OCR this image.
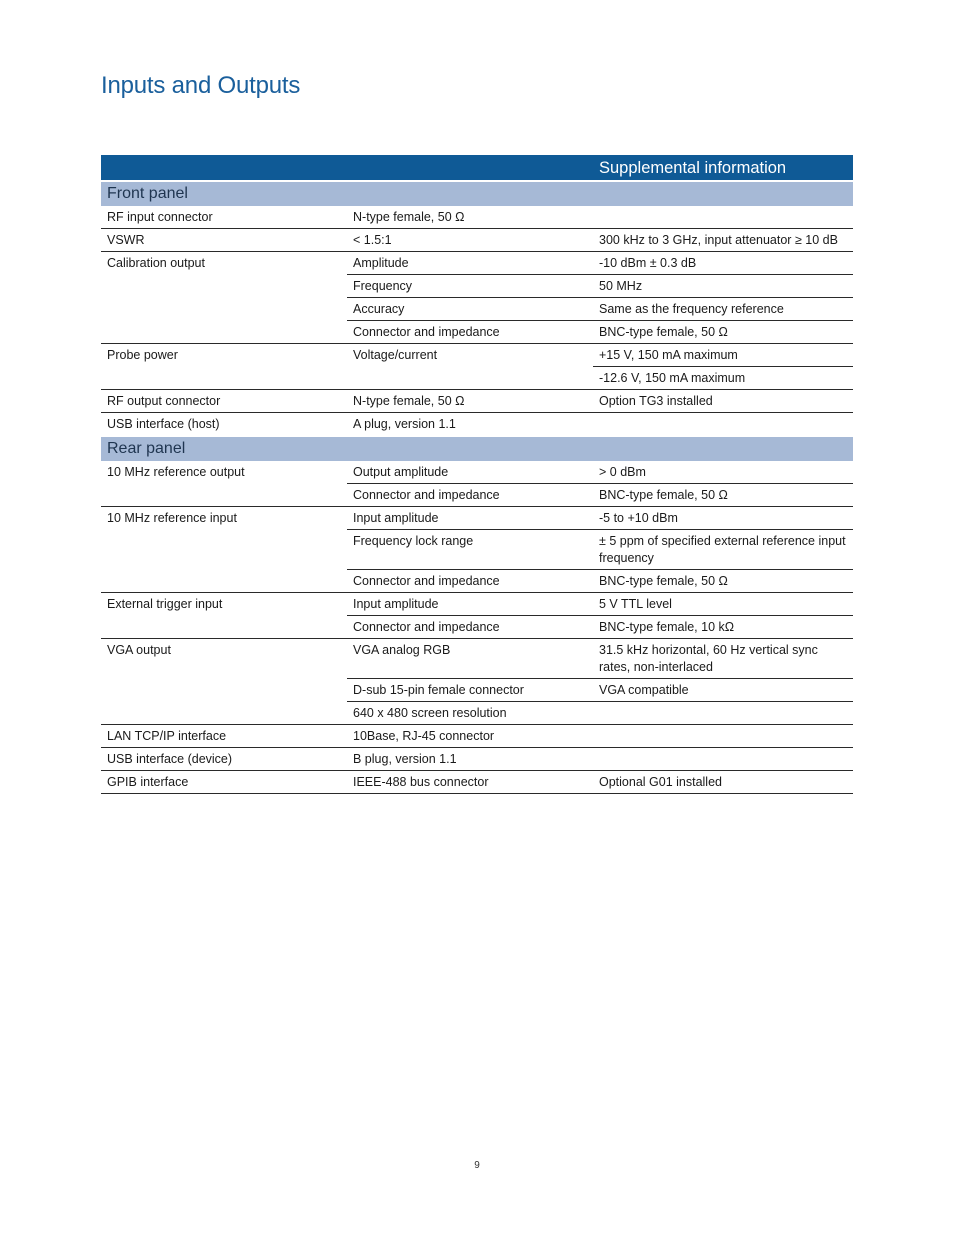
Inputs and Outputs
		Supplemental information
Front panel		
RF input connector	N-type female, 50 Ω	
VSWR	< 1.5:1	300 kHz to 3 GHz, input attenuator ≥ 10 dB
Calibration output	Amplitude	-10 dBm ± 0.3 dB
	Frequency	50 MHz
	Accuracy	Same as the frequency reference
	Connector and impedance	BNC-type female, 50 Ω
Probe power	Voltage/current	+15 V, 150 mA maximum
		-12.6 V, 150 mA maximum
RF output connector	N-type female, 50 Ω	Option TG3 installed
USB interface (host)	A plug, version 1.1	
Rear panel		
10 MHz reference output	Output amplitude	> 0 dBm
	Connector and impedance	BNC-type female, 50 Ω
10 MHz reference input	Input amplitude	-5 to +10 dBm
	Frequency lock range	± 5 ppm of specified external reference input frequency
	Connector and impedance	BNC-type female, 50 Ω
External trigger input	Input amplitude	5 V TTL level
	Connector and impedance	BNC-type female, 10 kΩ
VGA output	VGA analog RGB	31.5 kHz horizontal, 60 Hz vertical sync rates, non-interlaced
	D-sub 15-pin female connector	VGA compatible
	640 x 480 screen resolution	
LAN TCP/IP interface	10Base, RJ-45 connector	
USB interface (device)	B plug, version 1.1	
GPIB interface	IEEE-488 bus connector	Optional G01 installed
9
